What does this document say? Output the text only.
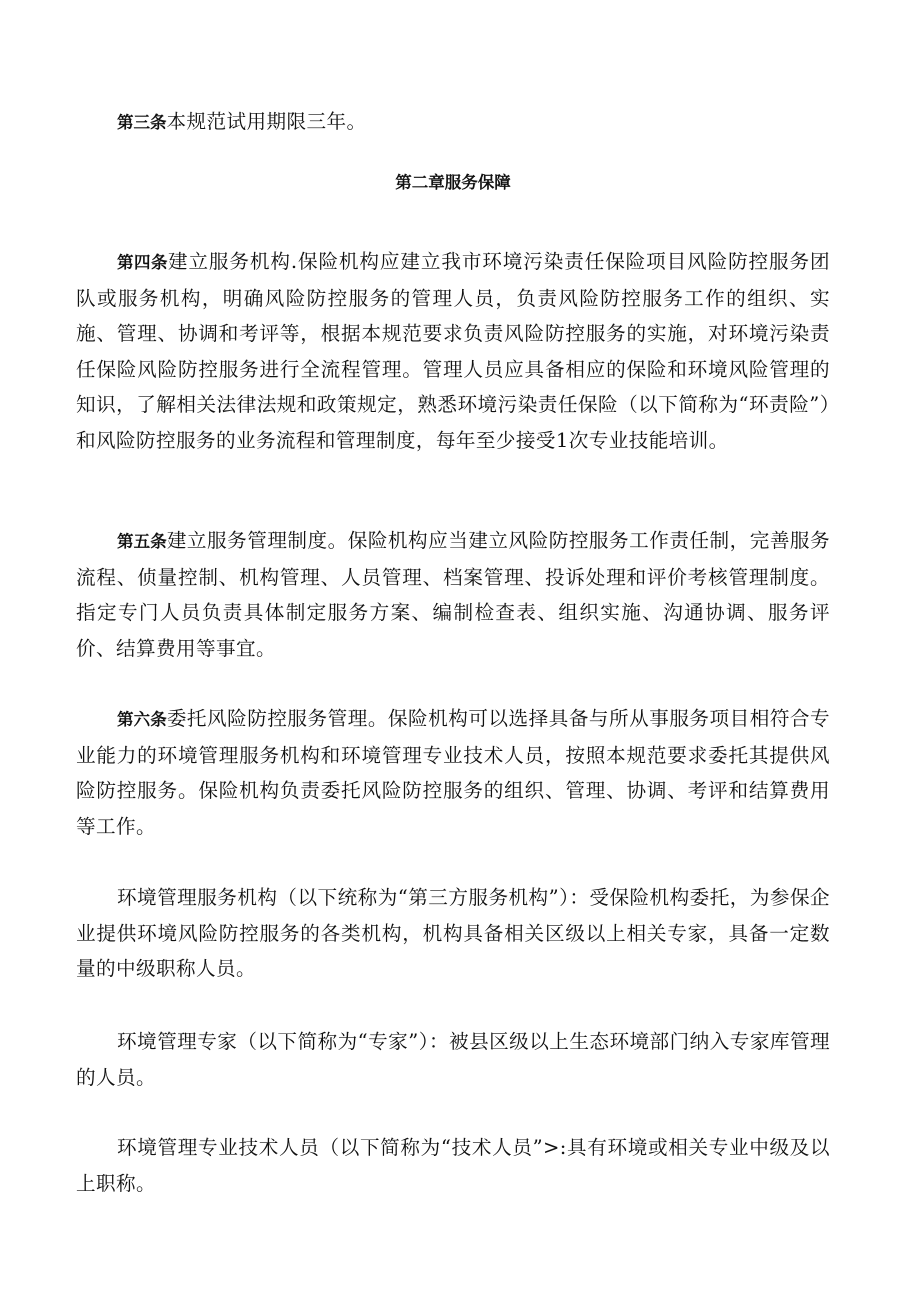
第三条本规范试用期限三年。

第二章服务保障

第四条建立服务机构.保险机构应建立我市环境污染责任保险项目风险防控服务团队或服务机构，明确风险防控服务的管理人员，负责风险防控服务工作的组织、实施、管理、协调和考评等，根据本规范要求负责风险防控服务的实施，对环境污染责任保险风险防控服务进行全流程管理。管理人员应具备相应的保险和环境风险管理的知识，了解相关法律法规和政策规定，熟悉环境污染责任保险（以下简称为“环责险”）和风险防控服务的业务流程和管理制度，每年至少接受1次专业技能培训。

第五条建立服务管理制度。保险机构应当建立风险防控服务工作责任制，完善服务流程、侦量控制、机构管理、人员管理、档案管理、投诉处理和评价考核管理制度。指定专门人员负责具体制定服务方案、编制检查表、组织实施、沟通协调、服务评价、结算费用等事宜。

第六条委托风险防控服务管理。保险机构可以选择具备与所从事服务项目相符合专业能力的环境管理服务机构和环境管理专业技术人员，按照本规范要求委托其提供风险防控服务。保险机构负责委托风险防控服务的组织、管理、协调、考评和结算费用等工作。

环境管理服务机构（以下统称为“第三方服务机构”）：受保险机构委托，为参保企业提供环境风险防控服务的各类机构，机构具备相关区级以上相关专家，具备一定数量的中级职称人员。

环境管理专家（以下简称为“专家”）：被县区级以上生态环境部门纳入专家库管理的人员。

环境管理专业技术人员（以下简称为“技术人员”>:具有环境或相关专业中级及以上职称。
